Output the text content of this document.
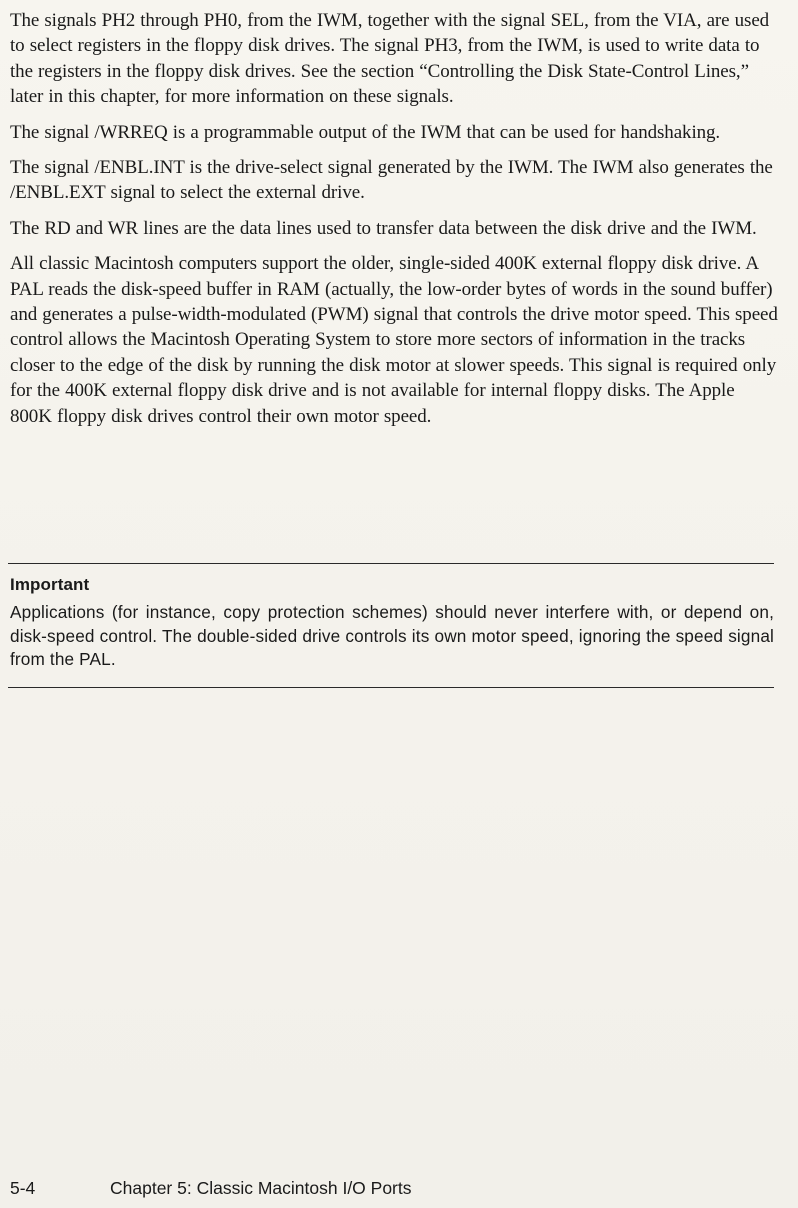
The signals PH2 through PH0, from the IWM, together with the signal SEL, from the VIA, are used to select registers in the floppy disk drives. The signal PH3, from the IWM, is used to write data to the registers in the floppy disk drives. See the section “Controlling the Disk State-Control Lines,” later in this chapter, for more information on these signals.

The signal /WRREQ is a programmable output of the IWM that can be used for handshaking.

The signal /ENBL.INT is the drive-select signal generated by the IWM. The IWM also generates the /ENBL.EXT signal to select the external drive.

The RD and WR lines are the data lines used to transfer data between the disk drive and the IWM.

All classic Macintosh computers support the older, single-sided 400K external floppy disk drive. A PAL reads the disk-speed buffer in RAM (actually, the low-order bytes of words in the sound buffer) and generates a pulse-width-modulated (PWM) signal that controls the drive motor speed. This speed control allows the Macintosh Operating System to store more sectors of information in the tracks closer to the edge of the disk by running the disk motor at slower speeds. This signal is required only for the 400K external floppy disk drive and is not available for internal floppy disks. The Apple 800K floppy disk drives control their own motor speed.

Important

Applications (for instance, copy protection schemes) should never interfere with, or depend on, disk-speed control. The double-sided drive controls its own motor speed, ignoring the speed signal from the PAL.

5-4	Chapter 5: Classic Macintosh I/O Ports
